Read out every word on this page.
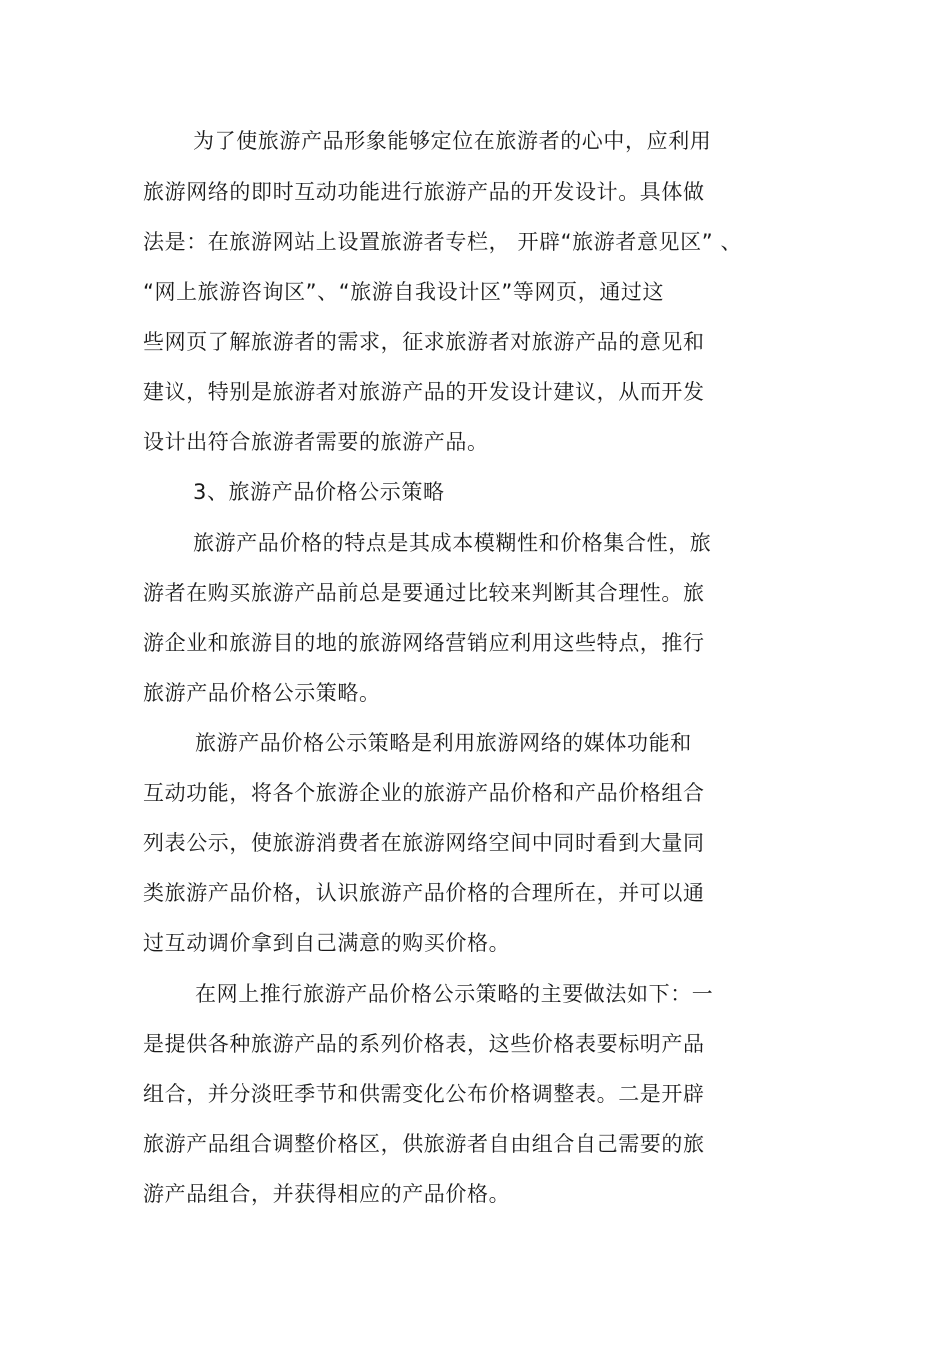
为了使旅游产品形象能够定位在旅游者的心中，应利用
旅游网络的即时互动功能进行旅游产品的开发设计。具体做
法是：在旅游网站上设置旅游者专栏， 开辟“旅游者意见区” 、
“网上旅游咨询区”、“旅游自我设计区”等网页，通过这
些网页了解旅游者的需求，征求旅游者对旅游产品的意见和
建议，特别是旅游者对旅游产品的开发设计建议，从而开发
设计出符合旅游者需要的旅游产品。
3、旅游产品价格公示策略
旅游产品价格的特点是其成本模糊性和价格集合性，旅
游者在购买旅游产品前总是要通过比较来判断其合理性。旅
游企业和旅游目的地的旅游网络营销应利用这些特点，推行
旅游产品价格公示策略。
旅游产品价格公示策略是利用旅游网络的媒体功能和
互动功能，将各个旅游企业的旅游产品价格和产品价格组合
列表公示，使旅游消费者在旅游网络空间中同时看到大量同
类旅游产品价格，认识旅游产品价格的合理所在，并可以通
过互动调价拿到自己满意的购买价格。
在网上推行旅游产品价格公示策略的主要做法如下：一
是提供各种旅游产品的系列价格表，这些价格表要标明产品
组合，并分淡旺季节和供需变化公布价格调整表。二是开辟
旅游产品组合调整价格区，供旅游者自由组合自己需要的旅
游产品组合，并获得相应的产品价格。
